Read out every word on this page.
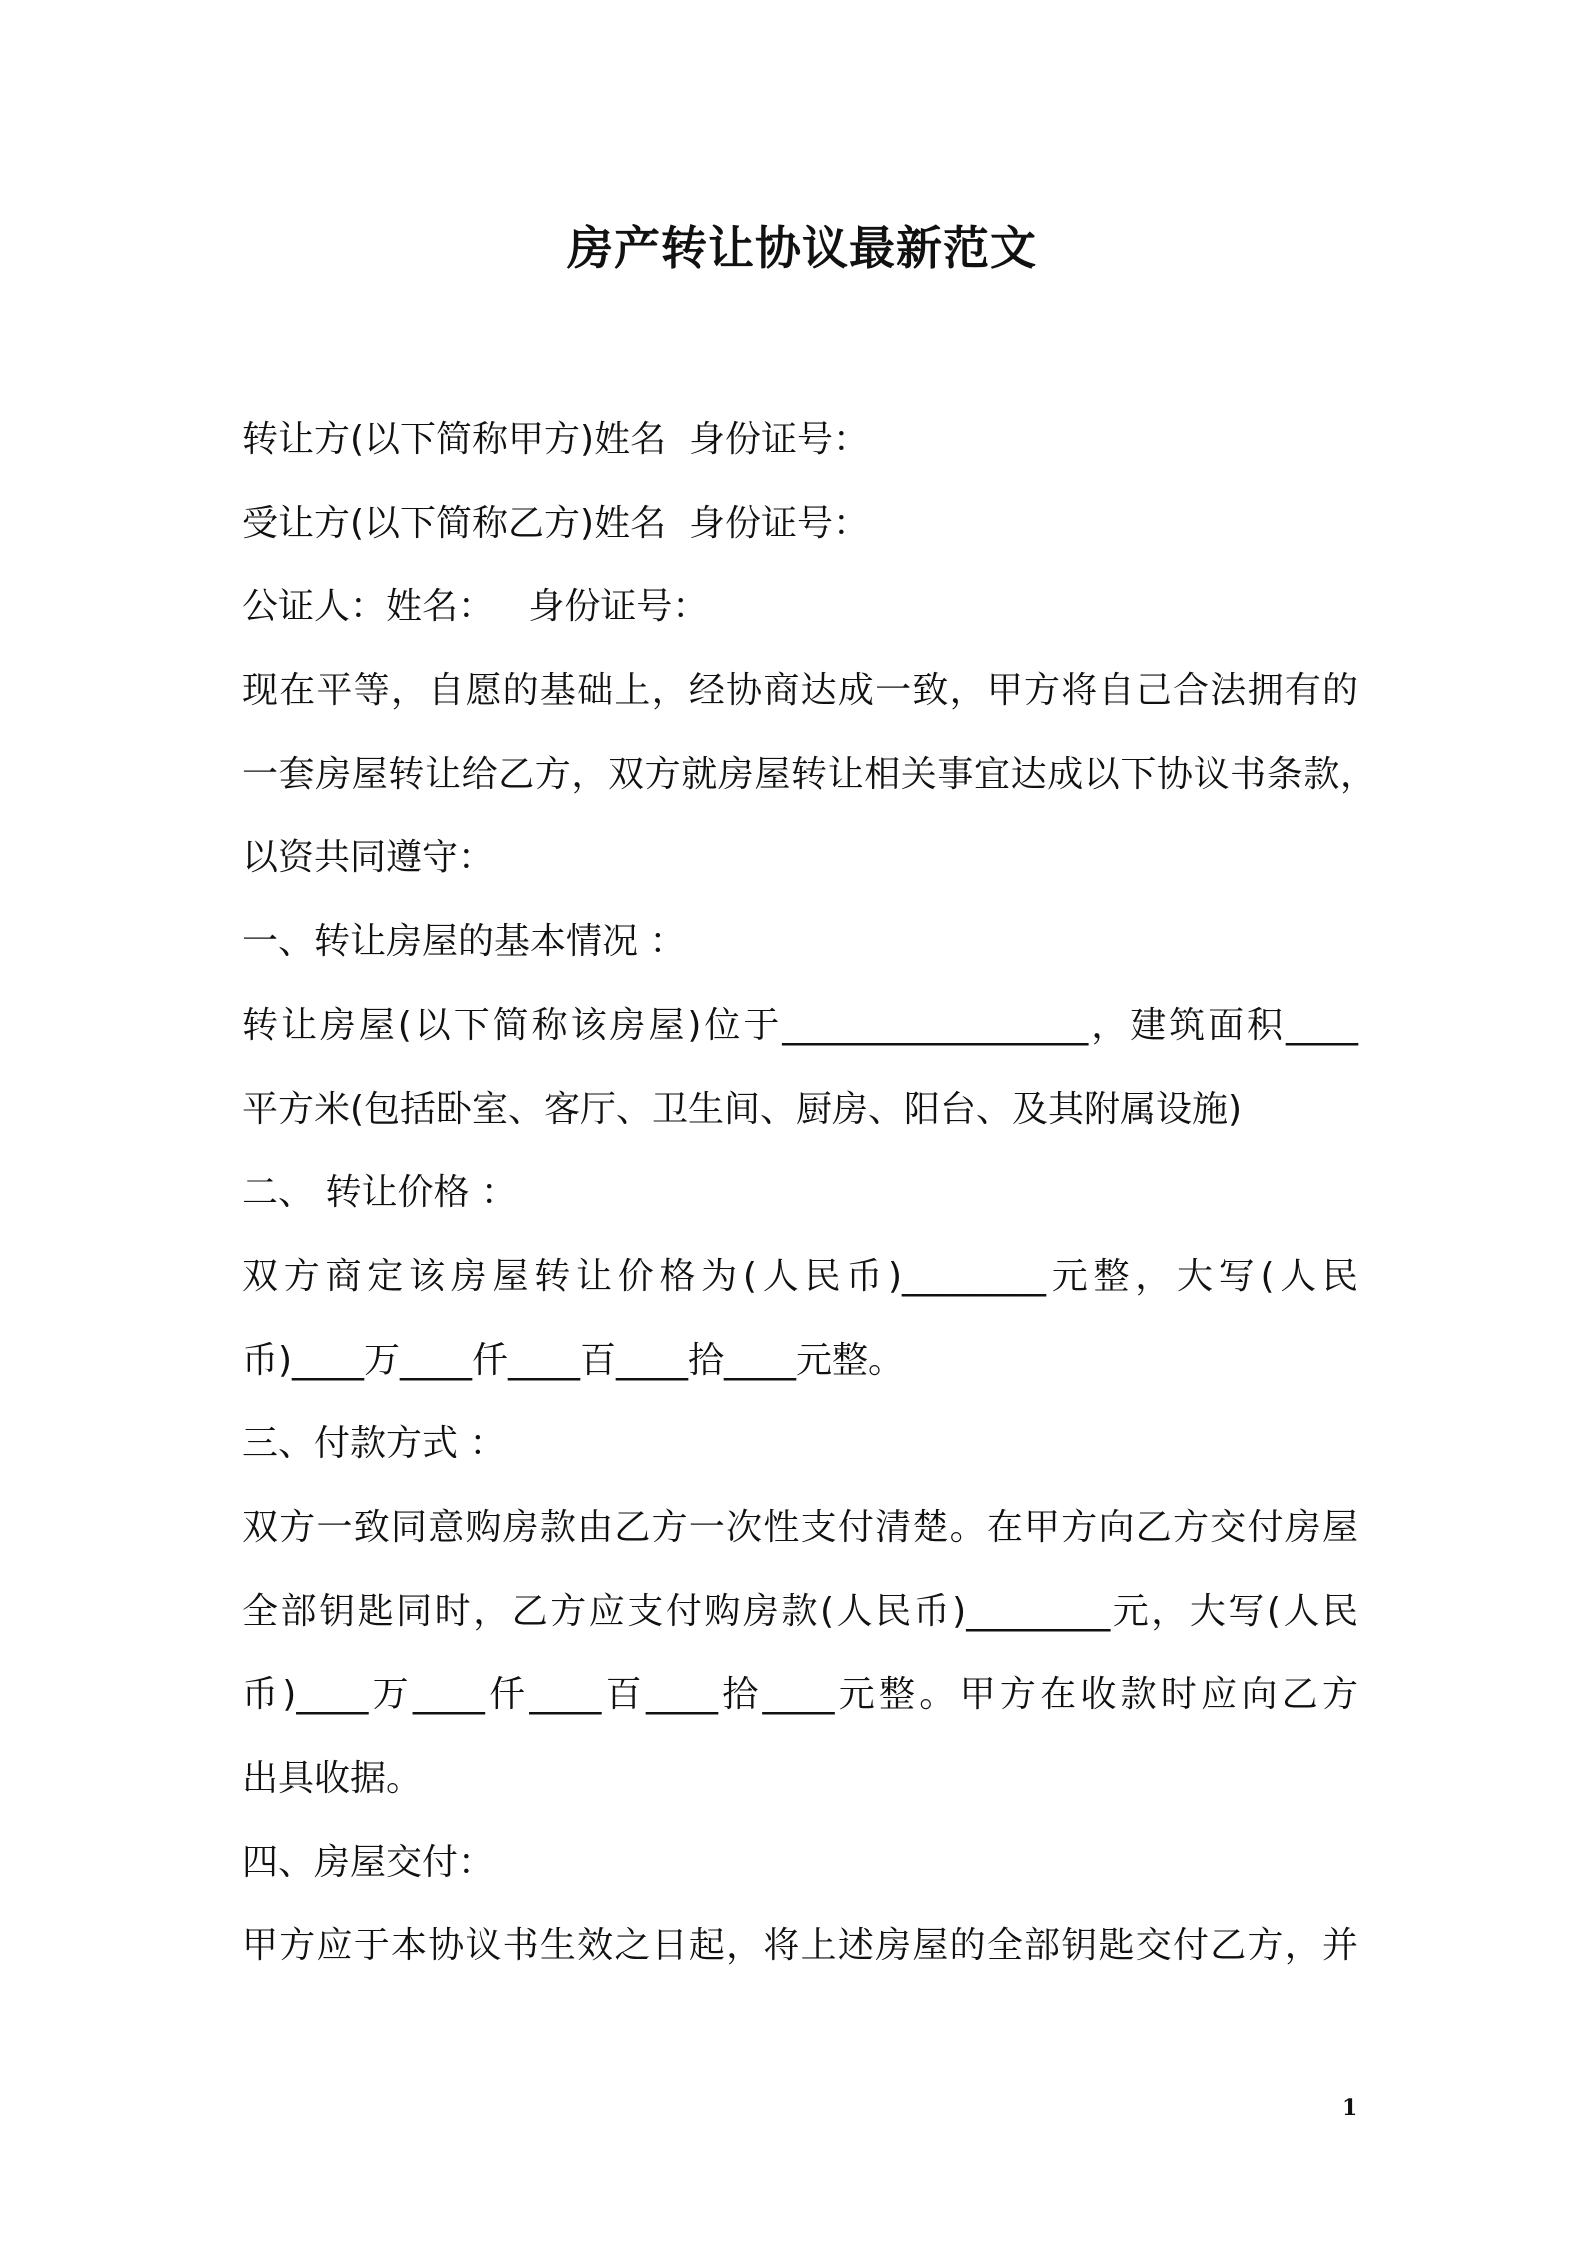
房产转让协议最新范文
转让方(以下简称甲方)姓名  身份证号：
受让方(以下简称乙方)姓名  身份证号：
公证人：姓名：   身份证号：
现在平等，自愿的基础上，经协商达成一致，甲方将自己合法拥有的
一套房屋转让给乙方，双方就房屋转让相关事宜达成以下协议书条款，
以资共同遵守：
一、转让房屋的基本情况 ：
转让房屋(以下简称该房屋)位于_________________，建筑面积____
平方米(包括卧室、客厅、卫生间、厨房、阳台、及其附属设施)
二、 转让价格 ：
双方商定该房屋转让价格为(人民币)________元整，大写(人民
币)____万____仟____百____拾____元整。
三、付款方式 ：
双方一致同意购房款由乙方一次性支付清楚。在甲方向乙方交付房屋
全部钥匙同时，乙方应支付购房款(人民币)________元，大写(人民
币)____万____仟____百____拾____元整。甲方在收款时应向乙方
出具收据。
四、房屋交付：
甲方应于本协议书生效之日起，将上述房屋的全部钥匙交付乙方，并
1
